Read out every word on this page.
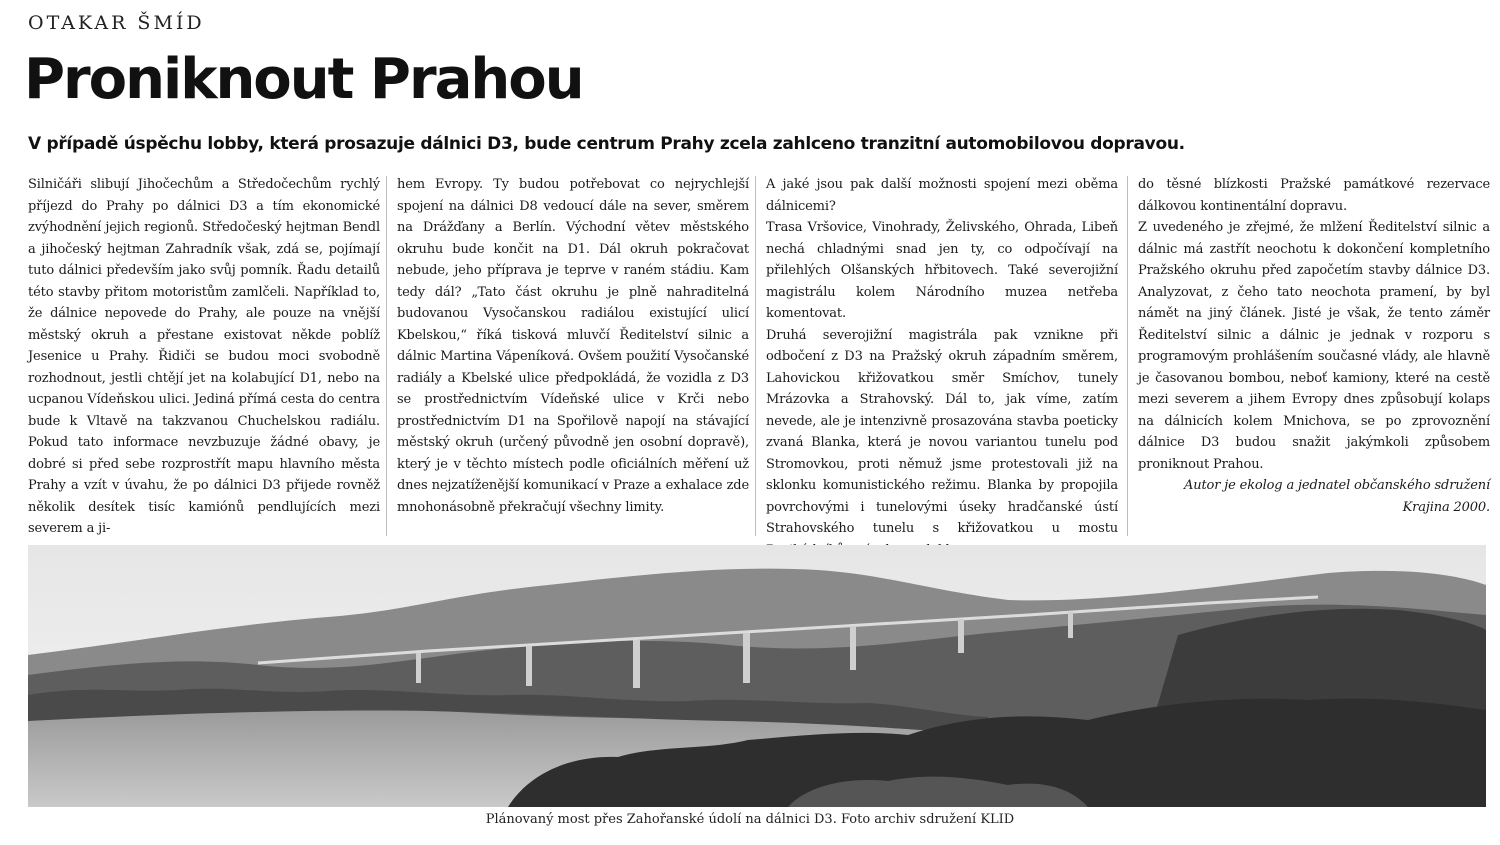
OTAKAR ŠMÍD
Proniknout Prahou

V případě úspěchu lobby, která prosazuje dálnici D3, bude centrum Prahy zcela zahlceno tranzitní automobilovou dopravou.

Silničáři slibují Jihočechům a Středočechům rychlý příjezd do Prahy po dálnici D3 a tím ekonomické zvýhodnění jejich regionů. Středočeský hejtman Bendl a jihočeský hejtman Zahradník však, zdá se, pojímají tuto dálnici především jako svůj pomník. Řadu detailů této stavby přitom motoristům zamlčeli. Například to, že dálnice nepovede do Prahy, ale pouze na vnější městský okruh a přestane existovat někde poblíž Jesenice u Prahy. Řidiči se budou moci svobodně rozhodnout, jestli chtějí jet na kolabující D1, nebo na ucpanou Vídeňskou ulici. Jediná přímá cesta do centra bude k Vltavě na takzvanou Chuchelskou radiálu. Pokud tato informace nevzbuzuje žádné obavy, je dobré si před sebe rozprostřít mapu hlavního města Prahy a vzít v úvahu, že po dálnici D3 přijede rovněž několik desítek tisíc kamiónů pendlujících mezi severem a ji-

hem Evropy. Ty budou potřebovat co nejrychlejší spojení na dálnici D8 vedoucí dále na sever, směrem na Drážďany a Berlín. Východní větev městského okruhu bude končit na D1. Dál okruh pokračovat nebude, jeho příprava je teprve v raném stádiu. Kam tedy dál? „Tato část okruhu je plně nahraditelná budovanou Vysočanskou radiálou existující ulicí Kbelskou,“ říká tisková mluvčí Ředitelství silnic a dálnic Martina Vápeníková. Ovšem použití Vysočanské radiály a Kbelské ulice předpokládá, že vozidla z D3 se prostřednictvím Vídeňské ulice v Krči nebo prostřednictvím D1 na Spořilově napojí na stávající městský okruh (určený původně jen osobní dopravě), který je v těchto místech podle oficiálních měření už dnes nejzatíženější komunikací v Praze a exhalace zde mnohonásobně překračují všechny limity.

A jaké jsou pak další možnosti spojení mezi oběma dálnicemi?

Trasa Vršovice, Vinohrady, Želivského, Ohrada, Libeň nechá chladnými snad jen ty, co odpočívají na přilehlých Olšanských hřbitovech. Také severojižní magistrálu kolem Národního muzea netřeba komentovat.

Druhá severojižní magistrála pak vznikne při odbočení z D3 na Pražský okruh západním směrem, Lahovickou křižovatkou směr Smíchov, tunely Mrázovka a Strahovský. Dál to, jak víme, zatím nevede, ale je intenzivně prosazována stavba poeticky zvaná Blanka, která je novou variantou tunelu pod Stromovkou, proti němuž jsme protestovali již na sklonku komunistického režimu. Blanka by propojila povrchovými i tunelovými úseky hradčanské ústí Strahovského tunelu s křižovatkou u mostu

do těsné blízkosti Pražské památkové rezervace dálkovou kontinentální dopravu.

Z uvedeného je zřejmé, že mlžení Ředitelství silnic a dálnic má zastřít neochotu k dokončení kompletního Pražského okruhu před započetím stavby dálnice D3. Analyzovat, z čeho tato neochota pramení, by byl námět na jiný článek. Jisté je však, že tento záměr Ředitelství silnic a dálnic je jednak v rozporu s programovým prohlášením současné vlády, ale hlavně je časovanou bombou, neboť kamiony, které na cestě mezi severem a jihem Evropy dnes způsobují kolaps na dálnicích kolem Mnichova, se po zprovoznění dálnice D3 budou snažit jakýmkoli způsobem proniknout Prahou.

Autor je ekolog a jednatel občanského sdružení Krajina 2000.

Plánovaný most přes Zahořanské údolí na dálnici D3. Foto archiv sdružení KLID
